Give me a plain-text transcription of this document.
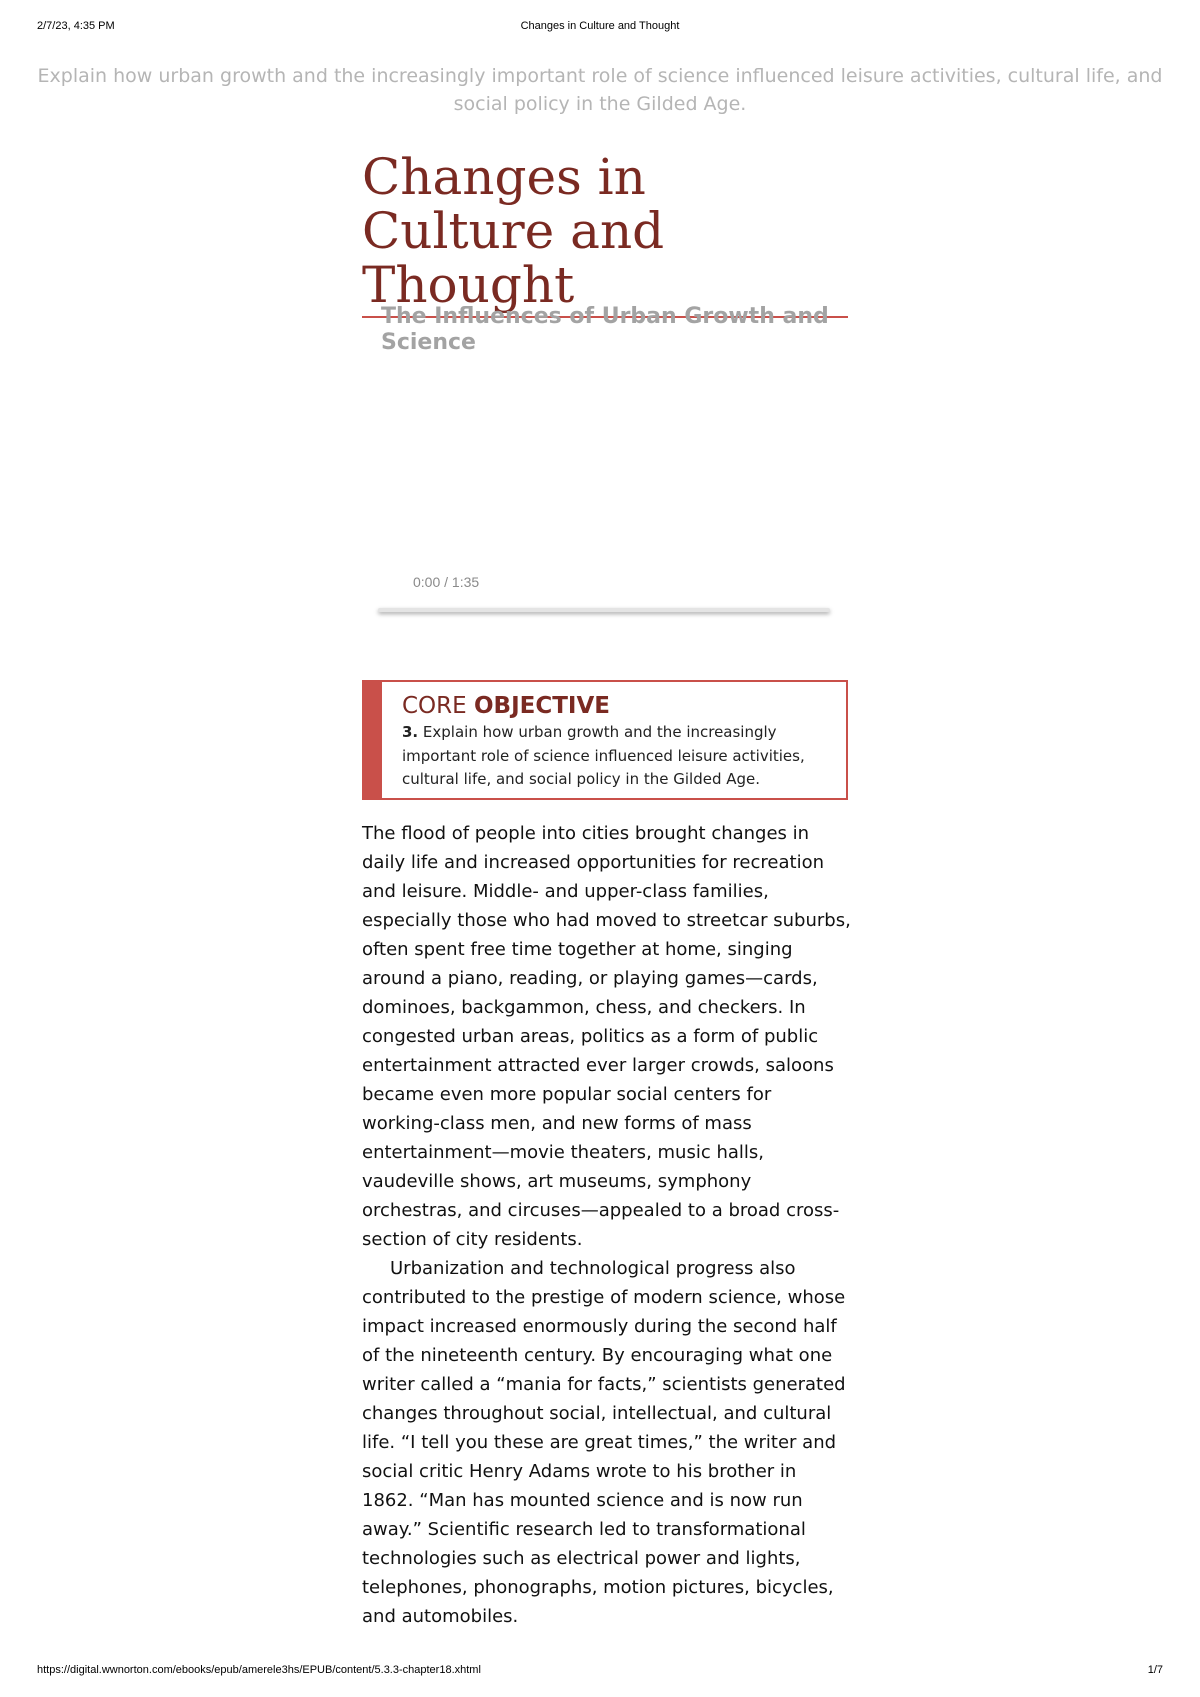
2/7/23, 4:35 PM	Changes in Culture and Thought
Explain how urban growth and the increasingly important role of science influenced leisure activities, cultural life, and social policy in the Gilded Age.
Changes in Culture and Thought
The Influences of Urban Growth and Science
0:00 / 1:35
CORE OBJECTIVE
3. Explain how urban growth and the increasingly important role of science influenced leisure activities, cultural life, and social policy in the Gilded Age.

The flood of people into cities brought changes in daily life and increased opportunities for recreation and leisure. Middle- and upper-class families, especially those who had moved to streetcar suburbs, often spent free time together at home, singing around a piano, reading, or playing games—cards, dominoes, backgammon, chess, and checkers. In congested urban areas, politics as a form of public entertainment attracted ever larger crowds, saloons became even more popular social centers for working-class men, and new forms of mass entertainment—movie theaters, music halls, vaudeville shows, art museums, symphony orchestras, and circuses—appealed to a broad cross-section of city residents.

Urbanization and technological progress also contributed to the prestige of modern science, whose impact increased enormously during the second half of the nineteenth century. By encouraging what one writer called a “mania for facts,” scientists generated changes throughout social, intellectual, and cultural life. “I tell you these are great times,” the writer and social critic Henry Adams wrote to his brother in 1862. “Man has mounted science and is now run away.” Scientific research led to transformational technologies such as electrical power and lights, telephones, phonographs, motion pictures, bicycles, and automobiles.

https://digital.wwnorton.com/ebooks/epub/amerele3hs/EPUB/content/5.3.3-chapter18.xhtml	1/7
